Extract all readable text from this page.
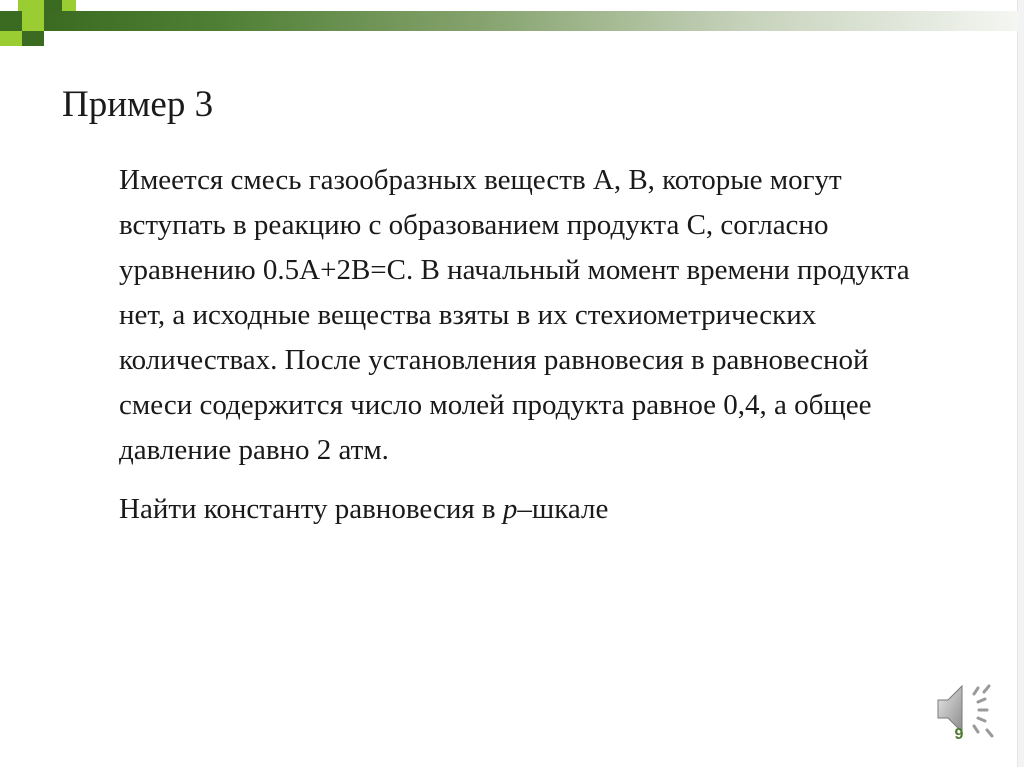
Пример 3

Имеется смесь газообразных веществ А, В, которые могут вступать в реакцию с образованием продукта С, согласно уравнению 0.5А+2В=С. В начальный момент времени продукта нет, а исходные вещества взяты в их стехиометрических количествах. После установления равновесия в равновесной смеси содержится число молей продукта равное 0,4, а общее давление равно 2 атм.

Найти константу равновесия в p–шкале

9
